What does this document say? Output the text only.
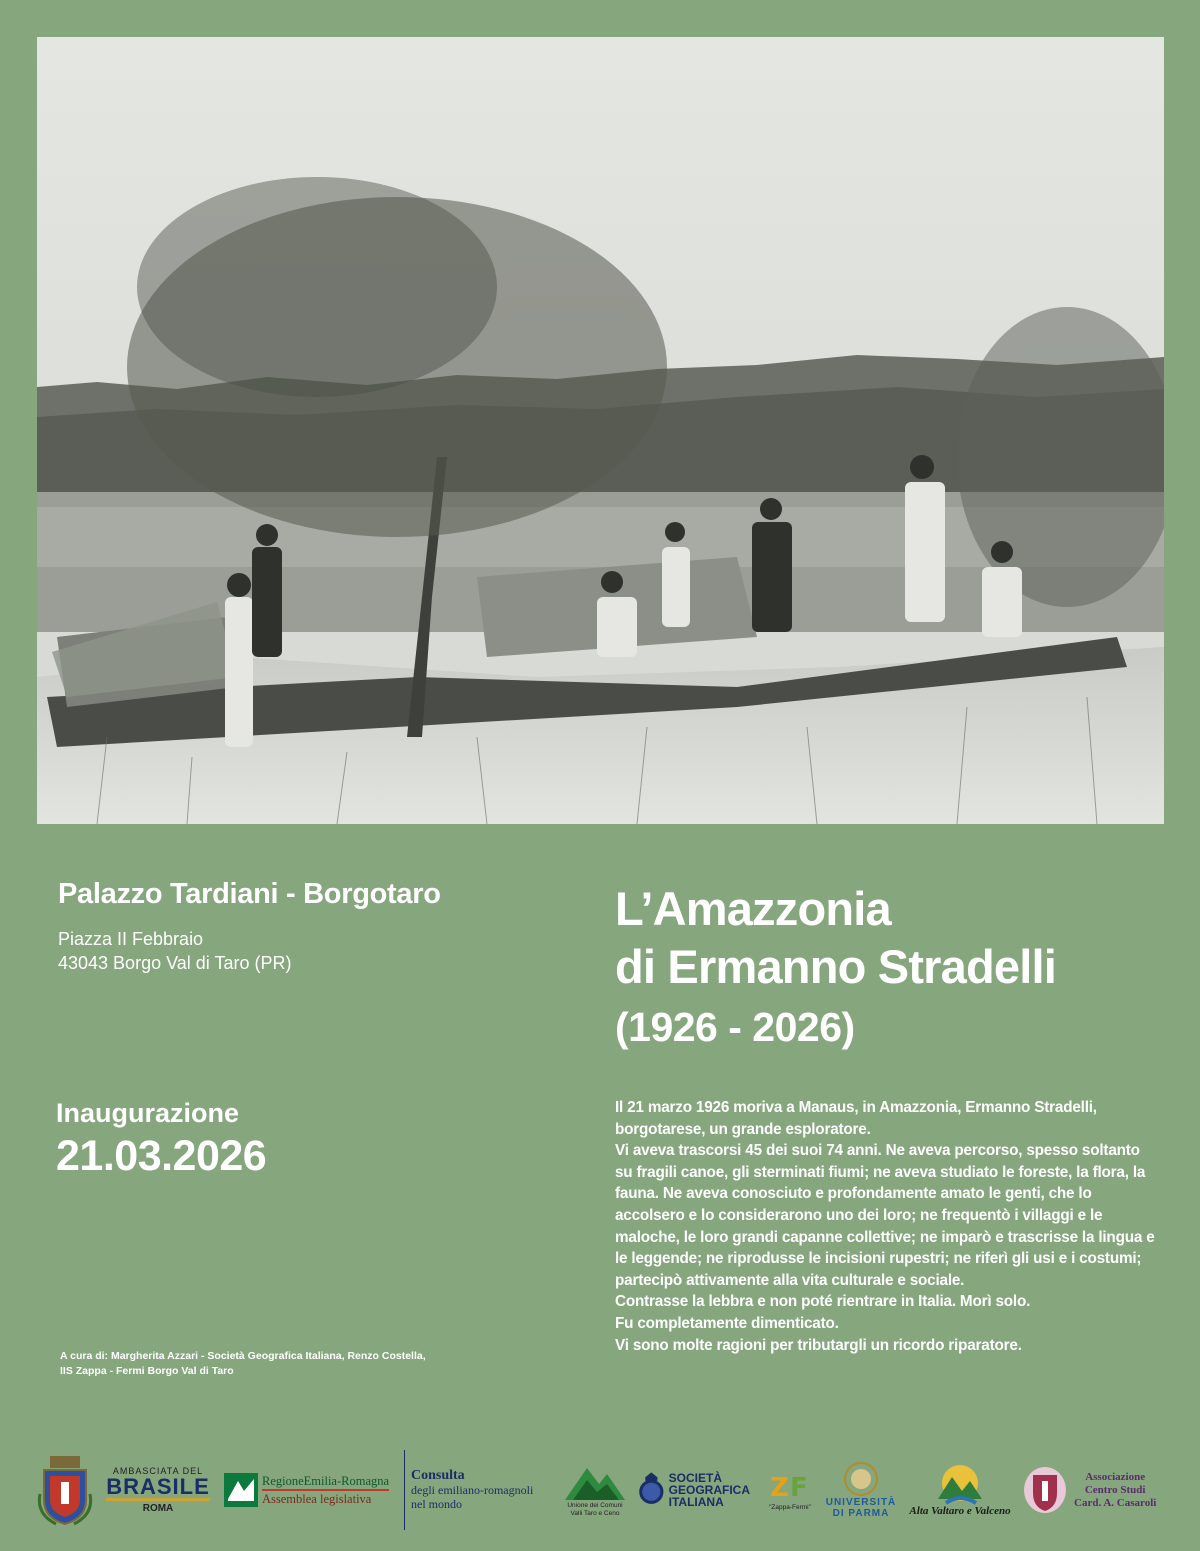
Palazzo Tardiani - Borgotaro

Piazza II Febbraio

43043 Borgo Val di Taro (PR)

Inaugurazione

21.03.2026

A cura di: Margherita Azzari - Società Geografica Italiana, Renzo Costella,
IIS Zappa - Fermi Borgo Val di Taro

L’Amazzonia

di Ermanno Stradelli

(1926 - 2026)

Il 21 marzo 1926 moriva a Manaus, in Amazzonia, Ermanno Stradelli, borgotarese, un grande esploratore.

Vi aveva trascorsi 45 dei suoi 74 anni. Ne aveva percorso, spesso soltanto su fragili canoe, gli sterminati fiumi; ne aveva studiato le foreste, la flora, la fauna. Ne aveva conosciuto e profondamente amato le genti, che lo accolsero e lo considerarono uno dei loro; ne frequentò i villaggi e le maloche, le loro grandi capanne collettive; ne imparò e trascrisse la lingua e le leggende; ne riprodusse le incisioni rupestri; ne riferì gli usi e i costumi; partecipò attivamente alla vita culturale e sociale.

Contrasse la lebbra e non poté rientrare in Italia. Morì solo.

Fu completamente dimenticato.

Vi sono molte ragioni per tributargli un ricordo riparatore.

AMBASCIATA DEL
BRASILE
ROMA
RegioneEmilia-Romagna
Assemblea legislativa
Consulta
degli emiliano-romagnoli
nel mondo	Unione dei Comuni Valli Taro e Ceno
SOCIETÀ
GEOGRAFICA
ITALIANA	Z F
"Zappa-Fermi" UNIVERSITÀ
DI PARMA Alta Valtaro e Valceno
Associazione
Centro Studi
Card. A. Casaroli
